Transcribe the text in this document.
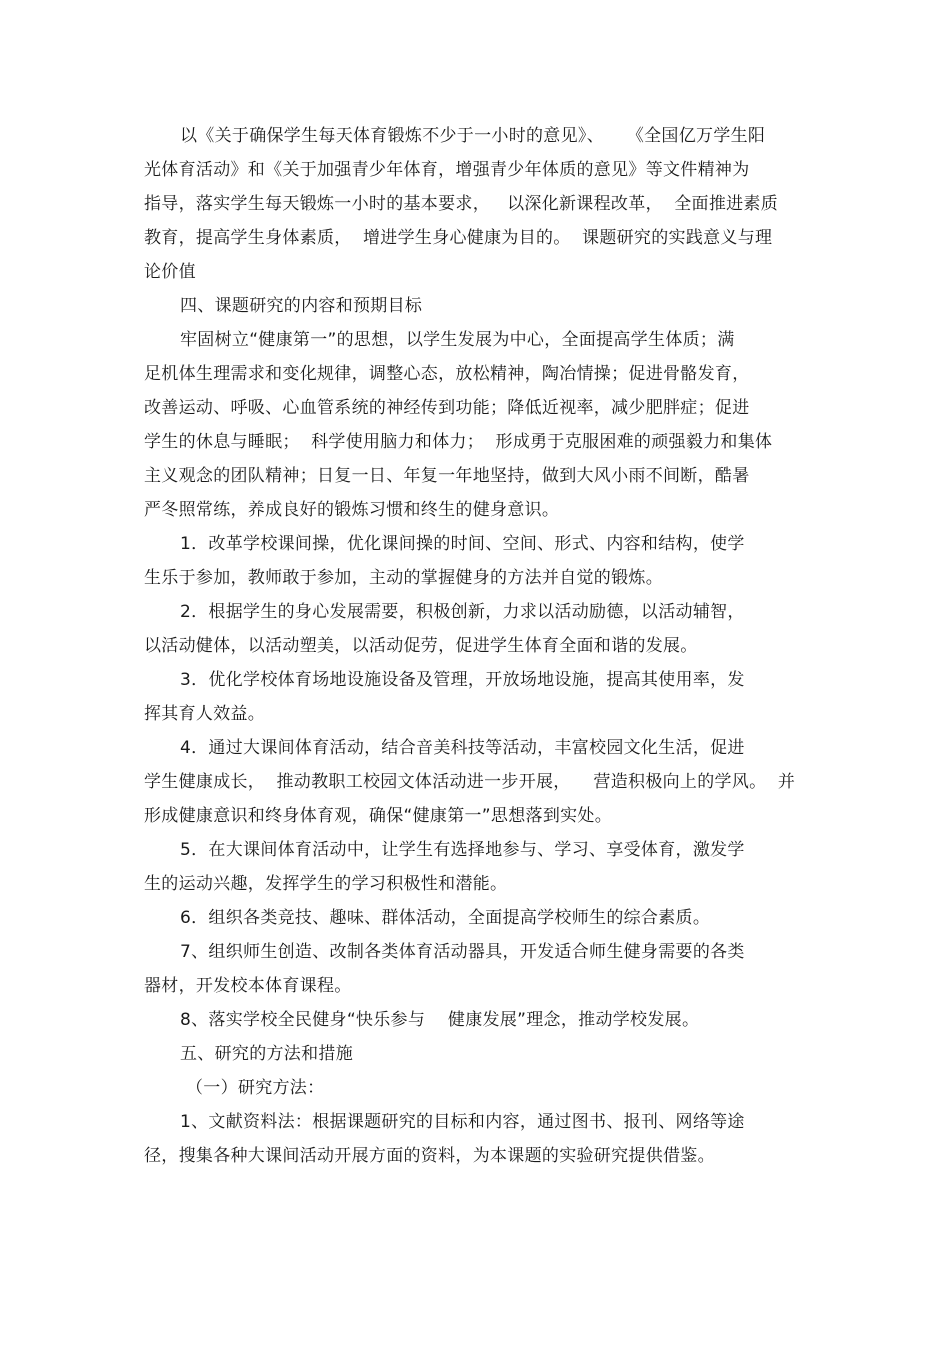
以《关于确保学生每天体育锻炼不少于一小时的意见》、    《全国亿万学生阳
光体育活动》和《关于加强青少年体育，增强青少年体质的意见》等文件精神为
指导，落实学生每天锻炼一小时的基本要求，   以深化新课程改革，  全面推进素质
教育，提高学生身体素质，  增进学生身心健康为目的。  课题研究的实践意义与理
论价值
四、课题研究的内容和预期目标
牢固树立“健康第一”的思想，以学生发展为中心，全面提高学生体质；满
足机体生理需求和变化规律，调整心态，放松精神，陶冶情操；促进骨骼发育，
改善运动、呼吸、心血管系统的神经传到功能；降低近视率，减少肥胖症；促进
学生的休息与睡眠；  科学使用脑力和体力；  形成勇于克服困难的顽强毅力和集体
主义观念的团队精神；日复一日、年复一年地坚持，做到大风小雨不间断，酷暑
严冬照常练，养成良好的锻炼习惯和终生的健身意识。
1．改革学校课间操，优化课间操的时间、空间、形式、内容和结构，使学
生乐于参加，教师敢于参加，主动的掌握健身的方法并自觉的锻炼。
2．根据学生的身心发展需要，积极创新，力求以活动励德，以活动辅智，
以活动健体，以活动塑美，以活动促劳，促进学生体育全面和谐的发展。
3．优化学校体育场地设施设备及管理，开放场地设施，提高其使用率，发
挥其育人效益。
4．通过大课间体育活动，结合音美科技等活动，丰富校园文化生活，促进
学生健康成长，  推动教职工校园文体活动进一步开展，    营造积极向上的学风。  并
形成健康意识和终身体育观，确保“健康第一”思想落到实处。
5．在大课间体育活动中，让学生有选择地参与、学习、享受体育，激发学
生的运动兴趣，发挥学生的学习积极性和潜能。
6．组织各类竞技、趣味、群体活动，全面提高学校师生的综合素质。
7、组织师生创造、改制各类体育活动器具，开发适合师生健身需要的各类
器材，开发校本体育课程。
8、落实学校全民健身“快乐参与    健康发展”理念，推动学校发展。
五、研究的方法和措施
（一）研究方法：
1、文献资料法：根据课题研究的目标和内容，通过图书、报刊、网络等途
径，搜集各种大课间活动开展方面的资料，为本课题的实验研究提供借鉴。
